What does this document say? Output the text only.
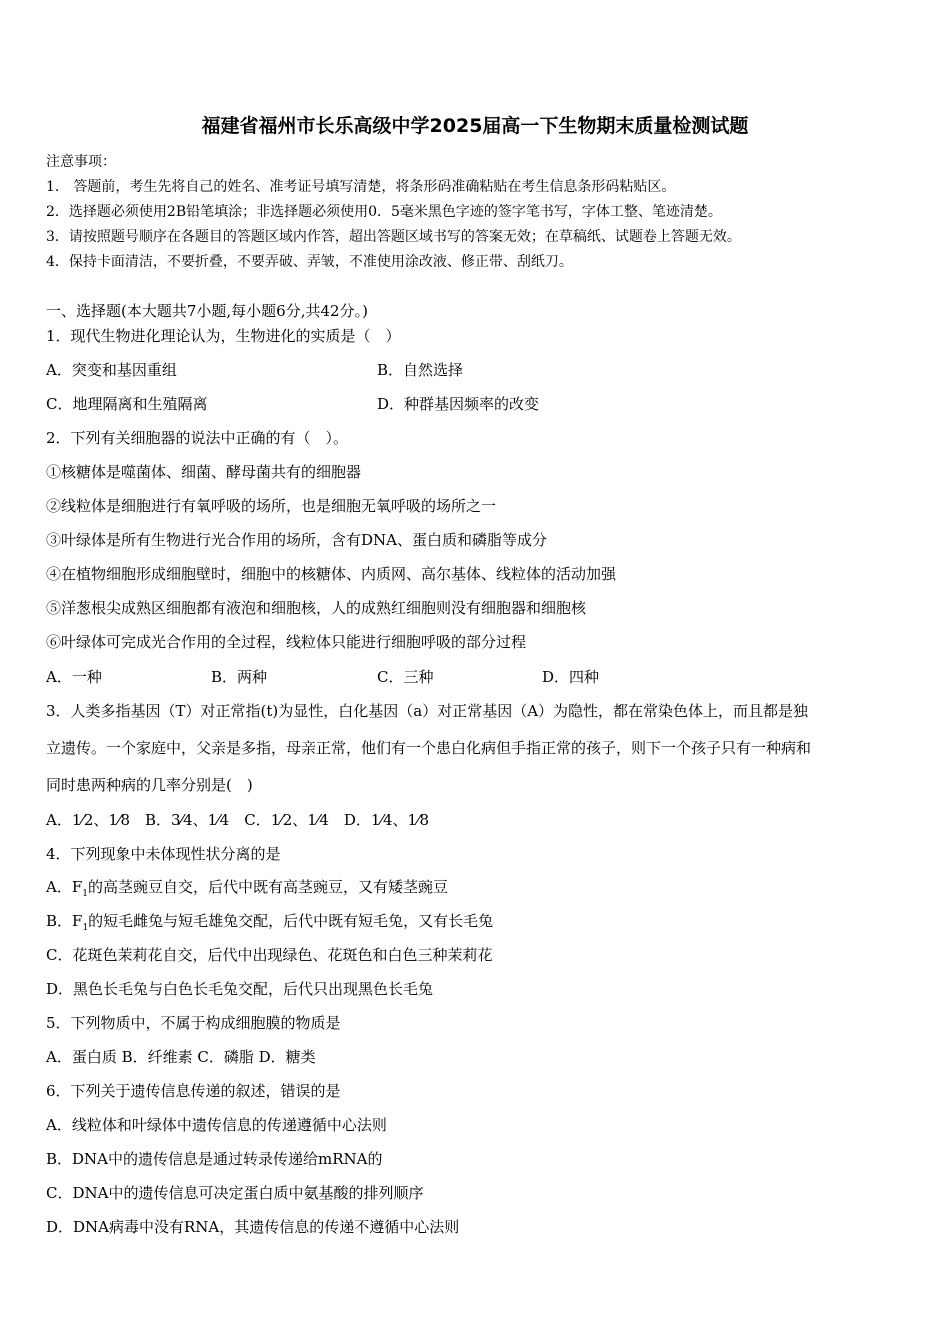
福建省福州市长乐高级中学2025届高一下生物期末质量检测试题
注意事项：
1.　答题前，考生先将自己的姓名、准考证号填写清楚，将条形码准确粘贴在考生信息条形码粘贴区。
2．选择题必须使用2B铅笔填涂；非选择题必须使用0．5毫米黑色字迹的签字笔书写，字体工整、笔迹清楚。
3．请按照题号顺序在各题目的答题区域内作答，超出答题区域书写的答案无效；在草稿纸、试题卷上答题无效。
4．保持卡面清洁，不要折叠，不要弄破、弄皱，不准使用涂改液、修正带、刮纸刀。
一、选择题(本大题共7小题,每小题6分,共42分。)
1．现代生物进化理论认为，生物进化的实质是（　）
A．突变和基因重组	B．自然选择
C．地理隔离和生殖隔离	D．种群基因频率的改变
2．下列有关细胞器的说法中正确的有（　）。
①核糖体是噬菌体、细菌、酵母菌共有的细胞器
②线粒体是细胞进行有氧呼吸的场所，也是细胞无氧呼吸的场所之一
③叶绿体是所有生物进行光合作用的场所，含有DNA、蛋白质和磷脂等成分
④在植物细胞形成细胞壁时，细胞中的核糖体、内质网、高尔基体、线粒体的活动加强
⑤洋葱根尖成熟区细胞都有液泡和细胞核，人的成熟红细胞则没有细胞器和细胞核
⑥叶绿体可完成光合作用的全过程，线粒体只能进行细胞呼吸的部分过程
A．一种	B．两种	C．三种	D．四种
3．人类多指基因（T）对正常指(t)为显性，白化基因（a）对正常基因（A）为隐性，都在常染色体上，而且都是独
立遗传。一个家庭中，父亲是多指，母亲正常，他们有一个患白化病但手指正常的孩子，则下一个孩子只有一种病和
同时患两种病的几率分别是(　)
A．1⁄2、1⁄8　B．3⁄4、1⁄4　C．1⁄2、1⁄4　D．1⁄4、1⁄8
4．下列现象中未体现性状分离的是
A．$F_1$的高茎豌豆自交，后代中既有高茎豌豆，又有矮茎豌豆
B．$F_1$的短毛雌兔与短毛雄兔交配，后代中既有短毛兔，又有长毛兔
C．花斑色茉莉花自交，后代中出现绿色、花斑色和白色三种茉莉花
D．黑色长毛兔与白色长毛兔交配，后代只出现黑色长毛兔
5．下列物质中，不属于构成细胞膜的物质是
A．蛋白质 B．纤维素 C．磷脂 D．糖类
6．下列关于遗传信息传递的叙述，错误的是
A．线粒体和叶绿体中遗传信息的传递遵循中心法则
B．DNA中的遗传信息是通过转录传递给mRNA的
C．DNA中的遗传信息可决定蛋白质中氨基酸的排列顺序
D．DNA病毒中没有RNA，其遗传信息的传递不遵循中心法则
